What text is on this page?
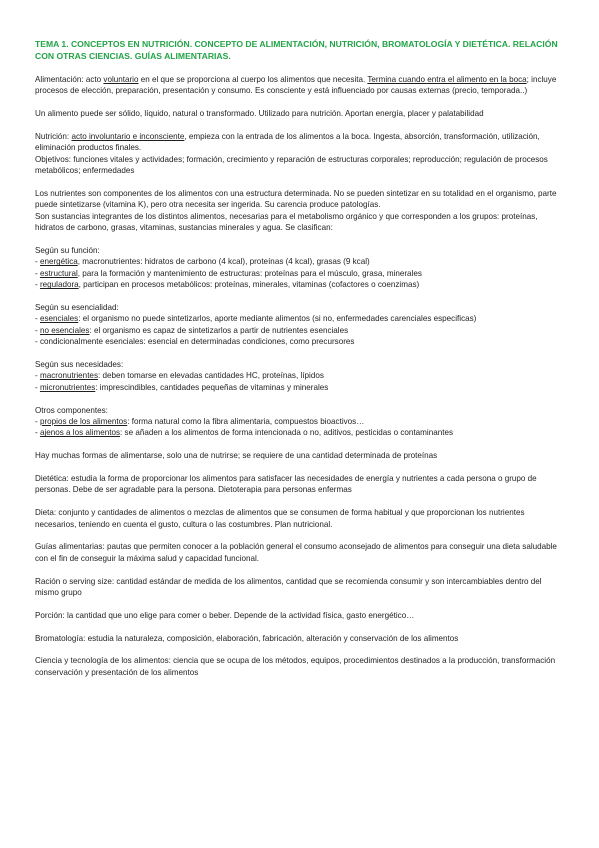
TEMA 1. CONCEPTOS EN NUTRICIÓN. CONCEPTO DE ALIMENTACIÓN, NUTRICIÓN, BROMATOLOGÍA Y DIETÉTICA. RELACIÓN CON OTRAS CIENCIAS. GUÍAS ALIMENTARIAS.

Alimentación: acto voluntario en el que se proporciona al cuerpo los alimentos que necesita. Termina cuando entra el alimento en la boca; incluye procesos de elección, preparación, presentación y consumo. Es consciente y está influenciado por causas externas (precio, temporada..)

Un alimento puede ser sólido, líquido, natural o transformado. Utilizado para nutrición. Aportan energía, placer y palatabilidad

Nutrición: acto involuntario e inconsciente, empieza con la entrada de los alimentos a la boca. Ingesta, absorción, transformación, utilización, eliminación productos finales.

Objetivos: funciones vitales y actividades; formación, crecimiento y reparación de estructuras corporales; reproducción; regulación de procesos metabólicos; enfermedades

Los nutrientes son componentes de los alimentos con una estructura determinada. No se pueden sintetizar en su totalidad en el organismo, parte puede sintetizarse (vitamina K), pero otra necesita ser ingerida. Su carencia produce patologías.

Son sustancias integrantes de los distintos alimentos, necesarias para el metabolismo orgánico y que corresponden a los grupos: proteínas, hidratos de carbono, grasas, vitaminas, sustancias minerales y agua. Se clasifican:

Según su función:

- energética, macronutrientes: hidratos de carbono (4 kcal), proteínas (4 kcal), grasas (9 kcal)

- estructural, para la formación y mantenimiento de estructuras: proteínas para el músculo, grasa, minerales

- reguladora, participan en procesos metabólicos: proteínas, minerales, vitaminas (cofactores o coenzimas)

Según su esencialidad:

- esenciales: el organismo no puede sintetizarlos, aporte mediante alimentos (si no, enfermedades carenciales especificas)

- no esenciales: el organismo es capaz de sintetizarlos a partir de nutrientes esenciales

- condicionalmente esenciales: esencial en determinadas condiciones, como precursores

Según sus necesidades:

- macronutrientes: deben tomarse en elevadas cantidades HC, proteínas, lípidos

- micronutrientes: imprescindibles, cantidades pequeñas de vitaminas y minerales

Otros componentes:

- propios de los alimentos: forma natural como la fibra alimentaria, compuestos bioactivos…

- ajenos a los alimentos: se añaden a los alimentos de forma intencionada o no, aditivos, pesticidas o contaminantes

Hay muchas formas de alimentarse, solo una de nutrirse; se requiere de una cantidad determinada de proteínas

Dietética: estudia la forma de proporcionar los alimentos para satisfacer las necesidades de energía y nutrientes a cada persona o grupo de personas. Debe de ser agradable para la persona. Dietoterapia para personas enfermas

Dieta: conjunto y cantidades de alimentos o mezclas de alimentos que se consumen de forma habitual y que proporcionan los nutrientes necesarios, teniendo en cuenta el gusto, cultura o las costumbres. Plan nutricional.

Guías alimentarias: pautas que permiten conocer a la población general el consumo aconsejado de alimentos para conseguir una dieta saludable con el fin de conseguir la máxima salud y capacidad funcional.

Ración o serving size: cantidad estándar de medida de los alimentos, cantidad que se recomienda consumir y son intercambiables dentro del mismo grupo

Porción: la cantidad que uno elige para comer o beber. Depende de la actividad física, gasto energético…

Bromatología: estudia la naturaleza, composición, elaboración, fabricación, alteración y conservación de los alimentos

Ciencia y tecnología de los alimentos: ciencia que se ocupa de los métodos, equipos, procedimientos destinados a la producción, transformación conservación y presentación de los alimentos
